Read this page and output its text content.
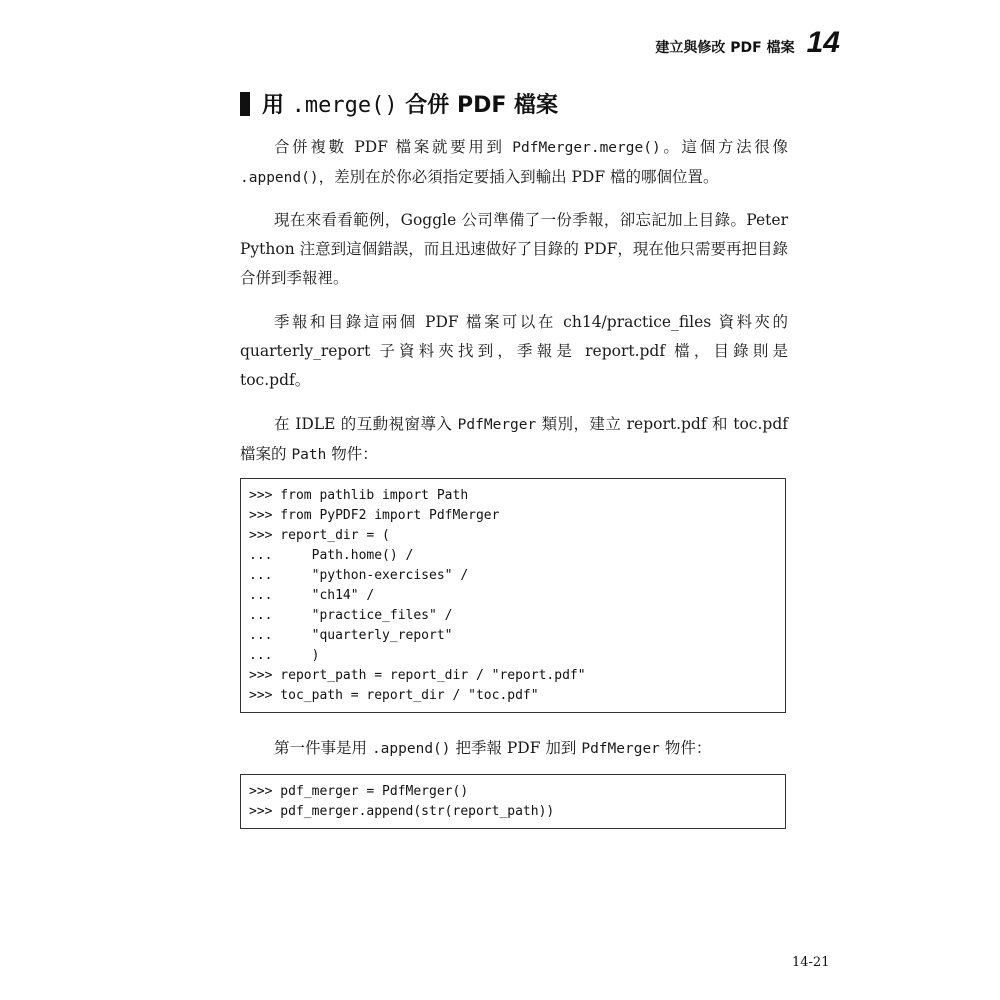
建立與修改 PDF 檔案 14
用 .merge() 合併 PDF 檔案

合併複數 PDF 檔案就要用到 PdfMerger.merge()。這個方法很像 .append()，差別在於你必須指定要插入到輸出 PDF 檔的哪個位置。

現在來看看範例，Goggle 公司準備了一份季報，卻忘記加上目錄。Peter Python 注意到這個錯誤，而且迅速做好了目錄的 PDF，現在他只需要再把目錄合併到季報裡。

季報和目錄這兩個 PDF 檔案可以在 ch14/practice_files 資料夾的 quarterly_report 子資料夾找到，季報是 report.pdf 檔，目錄則是 toc.pdf。

在 IDLE 的互動視窗導入 PdfMerger 類別，建立 report.pdf 和 toc.pdf 檔案的 Path 物件：

>>> from pathlib import Path
>>> from PyPDF2 import PdfMerger
>>> report_dir = (
...     Path.home() /
...     "python-exercises" /
...     "ch14" /
...     "practice_files" /
...     "quarterly_report"
...     )
>>> report_path = report_dir / "report.pdf"
>>> toc_path = report_dir / "toc.pdf"

第一件事是用 .append() 把季報 PDF 加到 PdfMerger 物件：

>>> pdf_merger = PdfMerger()
>>> pdf_merger.append(str(report_path))
14-21
